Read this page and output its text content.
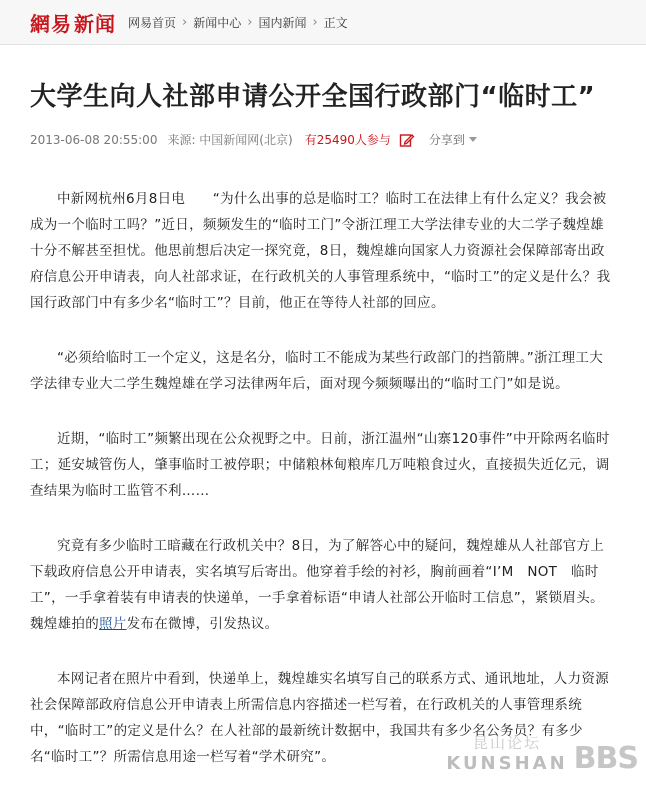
網易 新闻 网易首页 › 新闻中心 › 国内新闻 › 正文
大学生向人社部申请公开全国行政部门“临时工”
2013-06-08 20:55:00 来源: 中国新闻网(北京) 有25490人参与	分享到

中新网杭州6月8日电　　“为什么出事的总是临时工？临时工在法律上有什么定义？我会被成为一个临时工吗？”近日，频频发生的“临时工门”令浙江理工大学法律专业的大二学子魏煌雄十分不解甚至担忧。他思前想后决定一探究竟，8日，魏煌雄向国家人力资源社会保障部寄出政府信息公开申请表，向人社部求证，在行政机关的人事管理系统中，“临时工”的定义是什么？我国行政部门中有多少名“临时工”？目前，他正在等待人社部的回应。

“必须给临时工一个定义，这是名分，临时工不能成为某些行政部门的挡箭牌。”浙江理工大学法律专业大二学生魏煌雄在学习法律两年后，面对现今频频曝出的“临时工门”如是说。

近期，“临时工”频繁出现在公众视野之中。日前，浙江温州“山寨120事件”中开除两名临时工；延安城管伤人，肇事临时工被停职；中储粮林甸粮库几万吨粮食过火，直接损失近亿元，调查结果为临时工监管不利……

究竟有多少临时工暗藏在行政机关中？8日，为了解答心中的疑问，魏煌雄从人社部官方上下载政府信息公开申请表，实名填写后寄出。他穿着手绘的衬衫，胸前画着“I’M　NOT　临时工”，一手拿着装有申请表的快递单，一手拿着标语“申请人社部公开临时工信息”，紧锁眉头。魏煌雄拍的照片发布在微博，引发热议。

本网记者在照片中看到，快递单上，魏煌雄实名填写自己的联系方式、通讯地址，人力资源社会保障部政府信息公开申请表上所需信息内容描述一栏写着，在行政机关的人事管理系统中，“临时工”的定义是什么？在人社部的最新统计数据中，我国共有多少名公务员？有多少名“临时工”？所需信息用途一栏写着“学术研究”。

昆山论坛
KUNSHAN BBS
